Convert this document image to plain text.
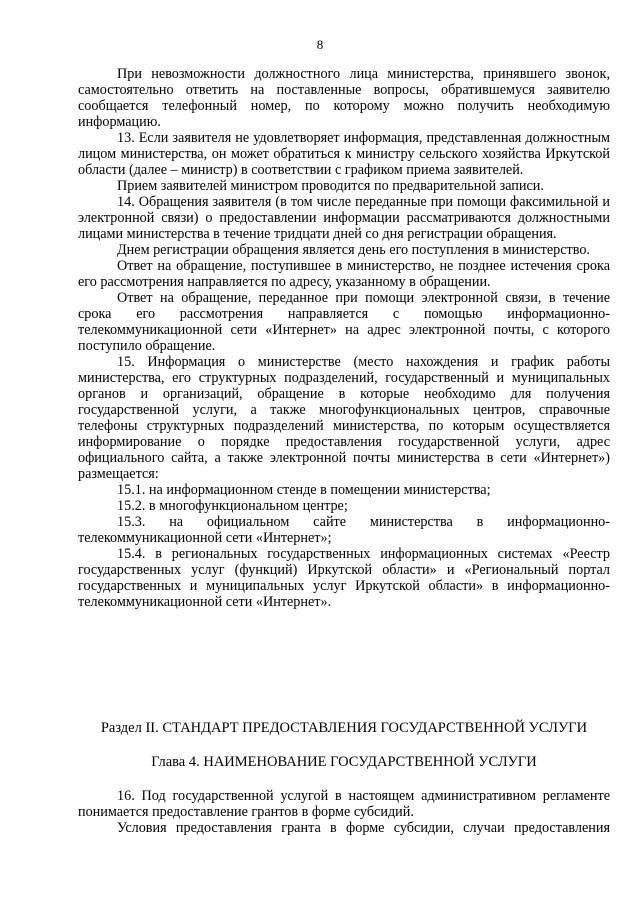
8

При невозможности должностного лица министерства, принявшего звонок, самостоятельно ответить на поставленные вопросы, обратившемуся заявителю сообщается телефонный номер, по которому можно получить необходимую информацию.

13. Если заявителя не удовлетворяет информация, представленная должностным лицом министерства, он может обратиться к министру сельского хозяйства Иркутской области (далее – министр) в соответствии с графиком приема заявителей.

Прием заявителей министром проводится по предварительной записи.

14. Обращения заявителя (в том числе переданные при помощи факсимильной и электронной связи) о предоставлении информации рассматриваются должностными лицами министерства в течение тридцати дней со дня регистрации обращения.

Днем регистрации обращения является день его поступления в министерство.

Ответ на обращение, поступившее в министерство, не позднее истечения срока его рассмотрения направляется по адресу, указанному в обращении.

Ответ на обращение, переданное при помощи электронной связи, в течение срока его рассмотрения направляется с помощью информационно-телекоммуникационной сети «Интернет» на адрес электронной почты, с которого поступило обращение.

15. Информация о министерстве (место нахождения и график работы министерства, его структурных подразделений, государственный и муниципальных органов и организаций, обращение в которые необходимо для получения государственной услуги, а также многофункциональных центров, справочные телефоны структурных подразделений министерства, по которым осуществляется информирование о порядке предоставления государственной услуги, адрес официального сайта, а также электронной почты министерства в сети «Интернет») размещается:

15.1. на информационном стенде в помещении министерства;

15.2. в многофункциональном центре;

15.3. на официальном сайте министерства в информационно-телекоммуникационной сети «Интернет»;

15.4. в региональных государственных информационных системах «Реестр государственных услуг (функций) Иркутской области» и «Региональный портал государственных и муниципальных услуг Иркутской области» в информационно-телекоммуникационной сети «Интернет».

Раздел II. СТАНДАРТ ПРЕДОСТАВЛЕНИЯ ГОСУДАРСТВЕННОЙ УСЛУГИ
Глава 4. НАИМЕНОВАНИЕ ГОСУДАРСТВЕННОЙ УСЛУГИ

16. Под государственной услугой в настоящем административном регламенте понимается предоставление грантов в форме субсидий.

Условия предоставления гранта в форме субсидии, случаи предоставления
